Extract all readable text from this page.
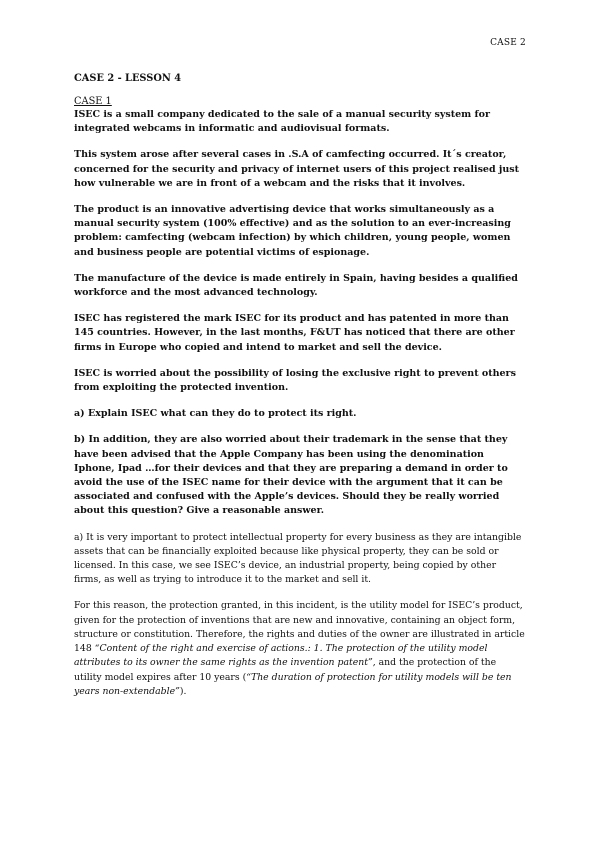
CASE 2
CASE 2 - LESSON 4
CASE 1

ISEC is a small company dedicated to the sale of a manual security system for integrated webcams in informatic and audiovisual formats.

This system arose after several cases in .S.A of camfecting occurred. It´s creator, concerned for the security and privacy of internet users of this project realised just how vulnerable we are in front of a webcam and the risks that it involves.

The product is an innovative advertising device that works simultaneously as a manual security system (100% effective) and as the solution to an ever-increasing problem: camfecting (webcam infection) by which children, young people, women and business people are potential victims of espionage.

The manufacture of the device is made entirely in Spain, having besides a qualified workforce and the most advanced technology.

ISEC has registered the mark ISEC for its product and has patented in more than 145 countries. However, in the last months, F&UT has noticed that there are other firms in Europe who copied and intend to market and sell the device.

ISEC is worried about the possibility of losing the exclusive right to prevent others from exploiting the protected invention.

a) Explain ISEC what can they do to protect its right.

b) In addition, they are also worried about their trademark in the sense that they have been advised that the Apple Company has been using the denomination Iphone, Ipad …for their devices and that they are preparing a demand in order to avoid the use of the ISEC name for their device with the argument that it can be associated and confused with the Apple’s devices. Should they be really worried about this question? Give a reasonable answer.

a) It is very important to protect intellectual property for every business as they are intangible assets that can be financially exploited because like physical property, they can be sold or licensed. In this case, we see ISEC’s device, an industrial property, being copied by other firms, as well as trying to introduce it to the market and sell it.

For this reason, the protection granted, in this incident, is the utility model for ISEC’s product, given for the protection of inventions that are new and innovative, containing an object form, structure or constitution. Therefore, the rights and duties of the owner are illustrated in article 148 “Content of the right and exercise of actions.: 1. The protection of the utility model attributes to its owner the same rights as the invention patent”, and the protection of the utility model expires after 10 years (“The duration of protection for utility models will be ten years non-extendable”).
